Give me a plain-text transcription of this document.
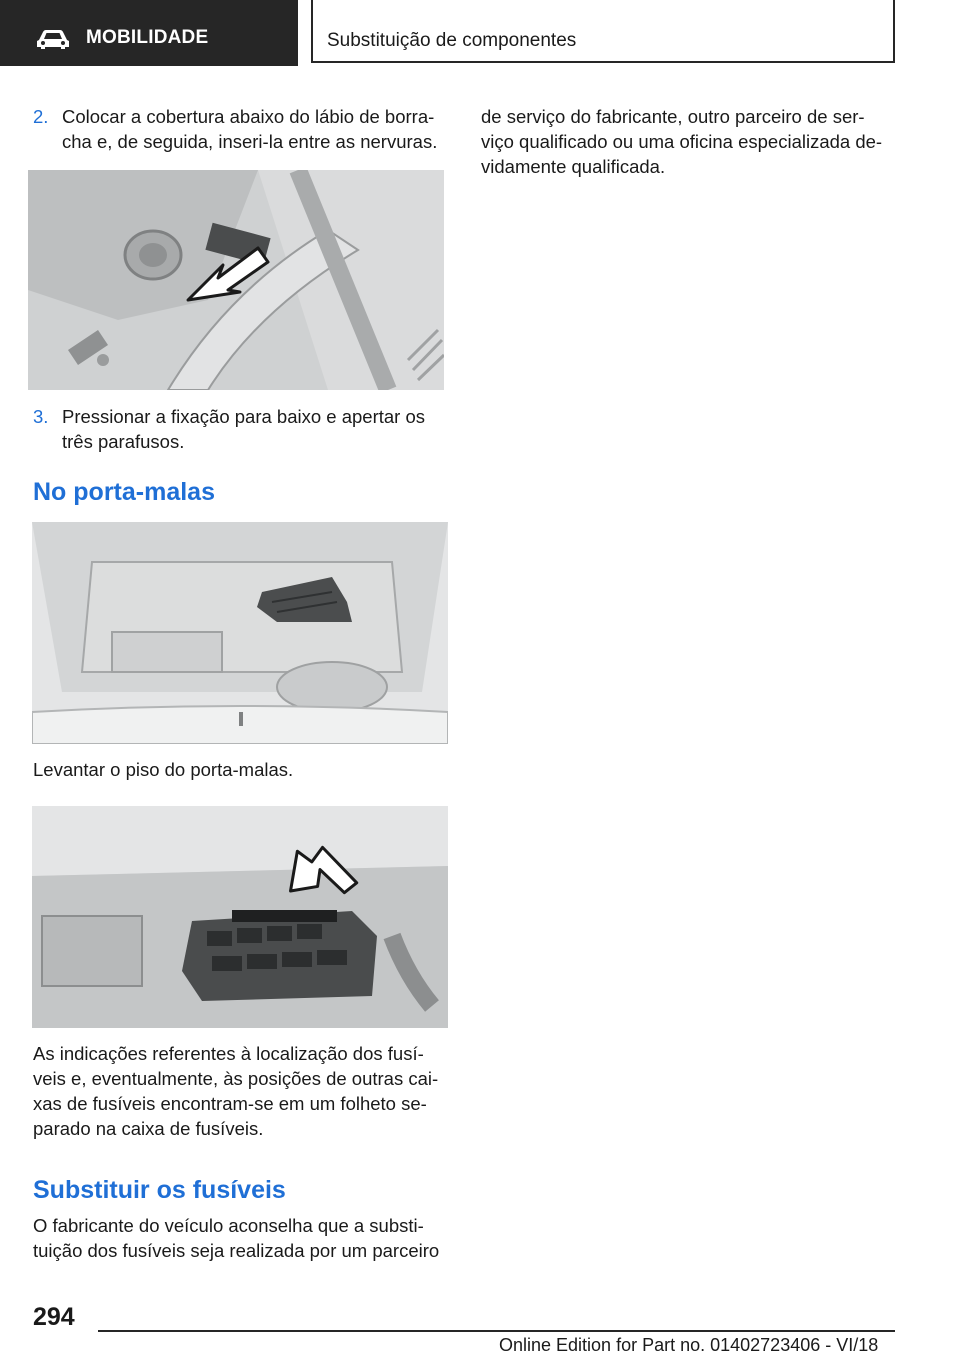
MOBILIDADE	Substituição de componentes
2. Colocar a cobertura abaixo do lábio de borra-
cha e, de seguida, inseri-la entre as nervuras.
3. Pressionar a fixação para baixo e apertar os
três parafusos.
No porta-malas
Levantar o piso do porta-malas.
As indicações referentes à localização dos fusí-
veis e, eventualmente, às posições de outras cai-
xas de fusíveis encontram-se em um folheto se-
parado na caixa de fusíveis.
Substituir os fusíveis
O fabricante do veículo aconselha que a substi-
tuição dos fusíveis seja realizada por um parceiro
de serviço do fabricante, outro parceiro de ser-
viço qualificado ou uma oficina especializada de-
vidamente qualificada.
294
Online Edition for Part no. 01402723406 - VI/18
